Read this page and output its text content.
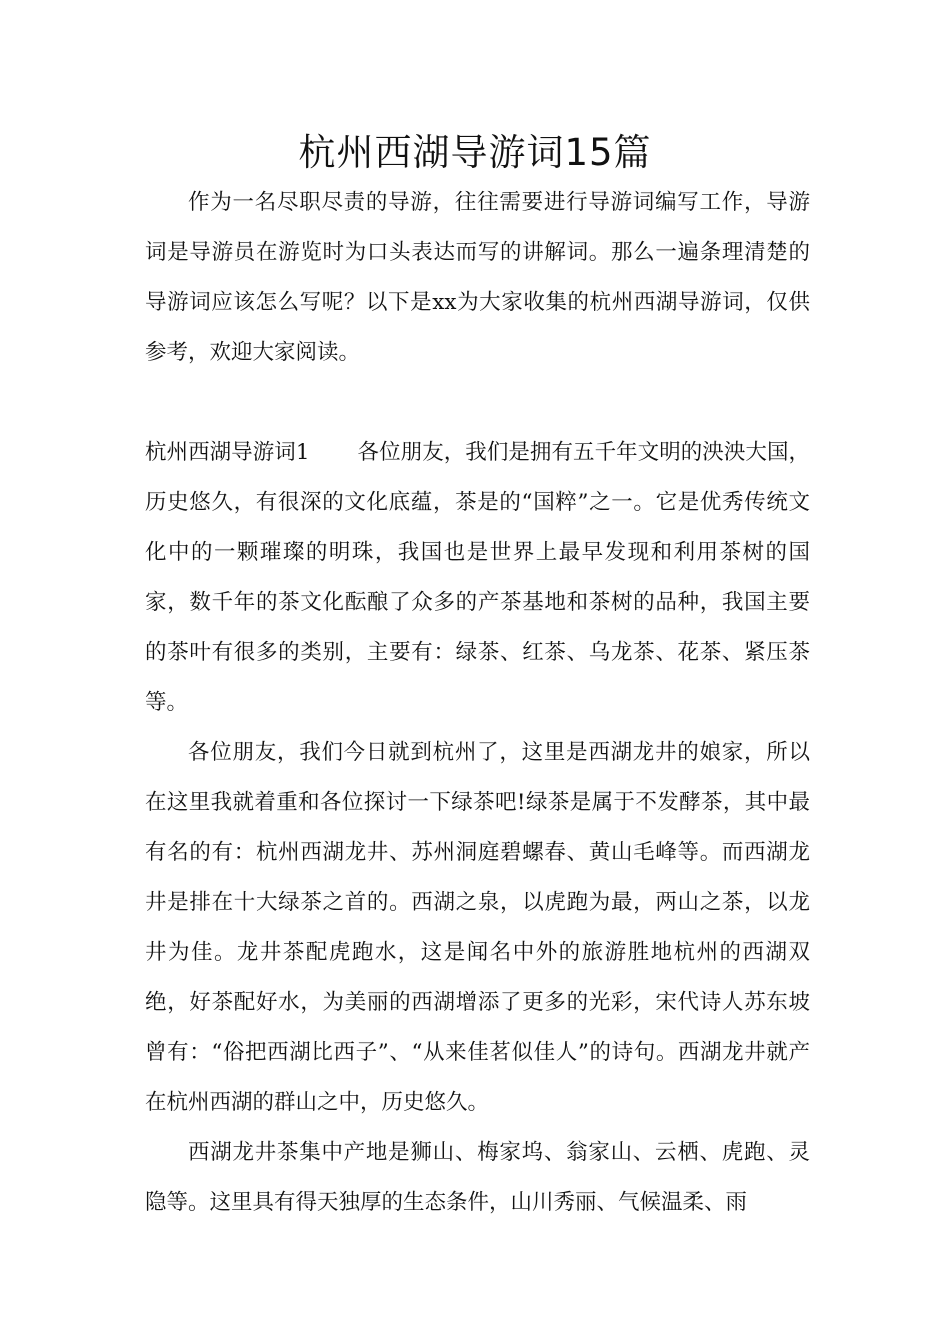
杭州西湖导游词15篇

作为一名尽职尽责的导游，往往需要进行导游词编写工作，导游词是导游员在游览时为口头表达而写的讲解词。那么一遍条理清楚的导游词应该怎么写呢？以下是xx为大家收集的杭州西湖导游词，仅供参考，欢迎大家阅读。

杭州西湖导游词1 各位朋友，我们是拥有五千年文明的泱泱大国，历史悠久，有很深的文化底蕴，茶是的“国粹”之一。它是优秀传统文化中的一颗璀璨的明珠，我国也是世界上最早发现和利用茶树的国家，数千年的茶文化酝酿了众多的产茶基地和茶树的品种，我国主要的茶叶有很多的类别，主要有：绿茶、红茶、乌龙茶、花茶、紧压茶等。

各位朋友，我们今日就到杭州了，这里是西湖龙井的娘家，所以在这里我就着重和各位探讨一下绿茶吧!绿茶是属于不发酵茶，其中最有名的有：杭州西湖龙井、苏州洞庭碧螺春、黄山毛峰等。而西湖龙井是排在十大绿茶之首的。西湖之泉，以虎跑为最，两山之茶，以龙井为佳。龙井茶配虎跑水，这是闻名中外的旅游胜地杭州的西湖双绝，好茶配好水，为美丽的西湖增添了更多的光彩，宋代诗人苏东坡曾有：“俗把西湖比西子”、“从来佳茗似佳人”的诗句。西湖龙井就产在杭州西湖的群山之中，历史悠久。

西湖龙井茶集中产地是狮山、梅家坞、翁家山、云栖、虎跑、灵隐等。这里具有得天独厚的生态条件，山川秀丽、气候温柔、雨
